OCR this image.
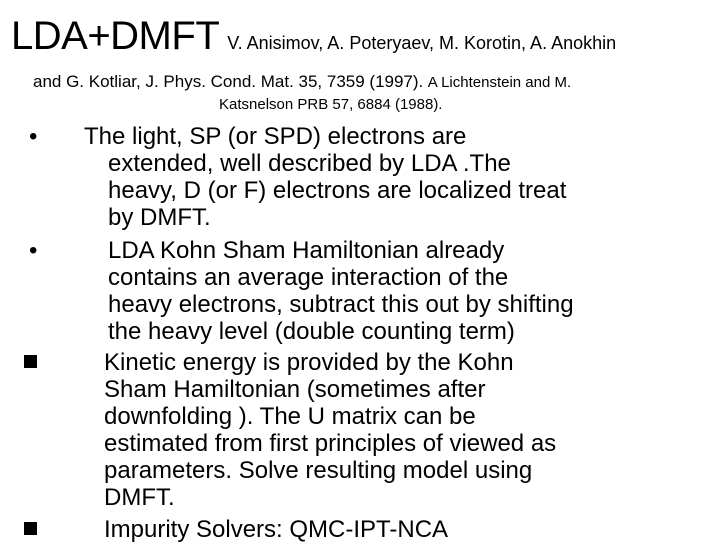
LDA+DMFT V. Anisimov, A. Poteryaev, M. Korotin, A. Anokhin
and G. Kotliar, J. Phys. Cond. Mat. 35, 7359 (1997). A Lichtenstein and M.
Katsnelson PRB 57, 6884 (1988).
• The light, SP (or SPD) electrons are
extended, well described by LDA .The
heavy, D (or F) electrons are localized treat
by DMFT.
•	LDA Kohn Sham Hamiltonian already
contains an average interaction of the
heavy electrons, subtract this out by shifting
the heavy level (double counting term)
Kinetic energy is provided by the Kohn
Sham Hamiltonian (sometimes after
downfolding ). The U matrix can be
estimated from first principles of viewed as
parameters. Solve resulting model using
DMFT.
Impurity Solvers: QMC-IPT-NCA
